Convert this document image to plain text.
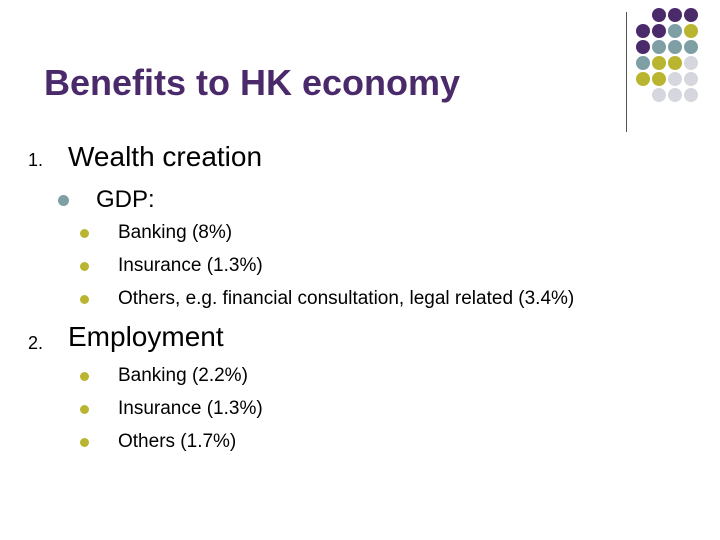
Benefits to HK economy
1. Wealth creation
GDP:
Banking (8%)
Insurance (1.3%)
Others, e.g. financial consultation, legal related (3.4%)
2. Employment
Banking (2.2%)
Insurance (1.3%)
Others (1.7%)
